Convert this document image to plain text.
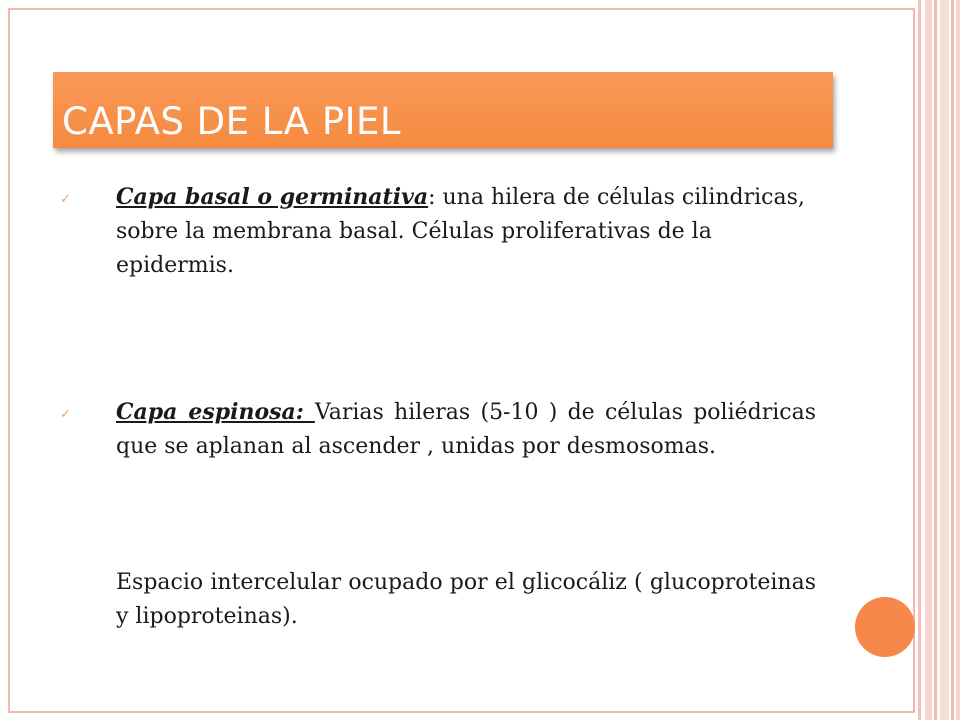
CAPAS DE LA PIEL
✓ Capa basal o germinativa: una hilera de células cilindricas, sobre la membrana basal. Células proliferativas de la epidermis.

✓ Capa espinosa: Varias hileras (5-10 ) de células poliédricas que se aplanan al ascender , unidas por desmosomas.

Espacio intercelular ocupado por el glicocáliz ( glucoproteinas y lipoproteinas).
